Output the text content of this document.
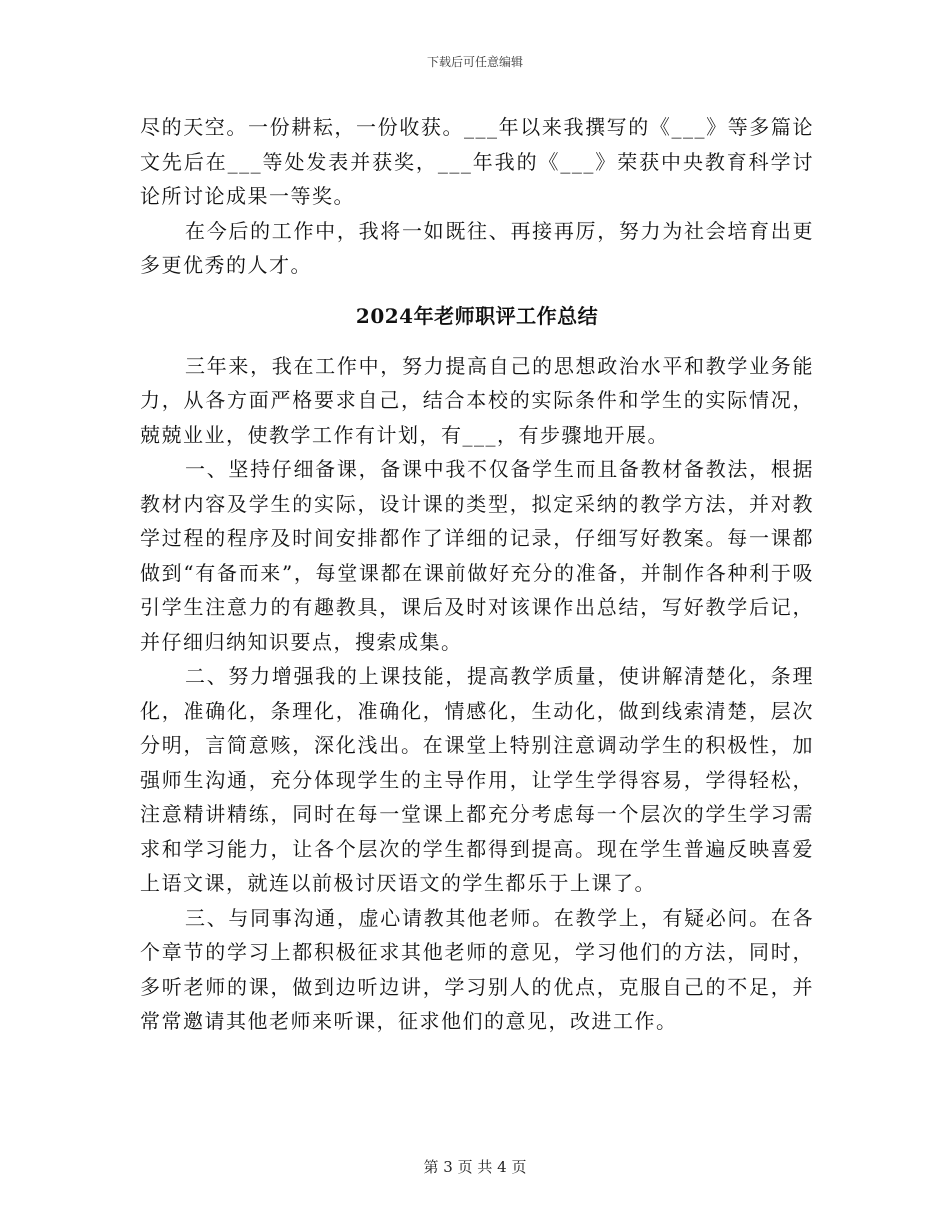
下载后可任意编辑

尽的天空。一份耕耘，一份收获。___年以来我撰写的《___》等多篇论文先后在___等处发表并获奖，___年我的《___》荣获中央教育科学讨论所讨论成果一等奖。

在今后的工作中，我将一如既往、再接再厉，努力为社会培育出更多更优秀的人才。

2024年老师职评工作总结

三年来，我在工作中，努力提高自己的思想政治水平和教学业务能力，从各方面严格要求自己，结合本校的实际条件和学生的实际情况，兢兢业业，使教学工作有计划，有___，有步骤地开展。

一、坚持仔细备课，备课中我不仅备学生而且备教材备教法，根据教材内容及学生的实际，设计课的类型，拟定采纳的教学方法，并对教学过程的程序及时间安排都作了详细的记录，仔细写好教案。每一课都做到“有备而来”，每堂课都在课前做好充分的准备，并制作各种利于吸引学生注意力的有趣教具，课后及时对该课作出总结，写好教学后记，并仔细归纳知识要点，搜索成集。

二、努力增强我的上课技能，提高教学质量，使讲解清楚化，条理化，准确化，条理化，准确化，情感化，生动化，做到线索清楚，层次分明，言简意赅，深化浅出。在课堂上特别注意调动学生的积极性，加强师生沟通，充分体现学生的主导作用，让学生学得容易，学得轻松，注意精讲精练，同时在每一堂课上都充分考虑每一个层次的学生学习需求和学习能力，让各个层次的学生都得到提高。现在学生普遍反映喜爱上语文课，就连以前极讨厌语文的学生都乐于上课了。

三、与同事沟通，虚心请教其他老师。在教学上，有疑必问。在各个章节的学习上都积极征求其他老师的意见，学习他们的方法，同时，多听老师的课，做到边听边讲，学习别人的优点，克服自己的不足，并常常邀请其他老师来听课，征求他们的意见，改进工作。

第 3 页 共 4 页
